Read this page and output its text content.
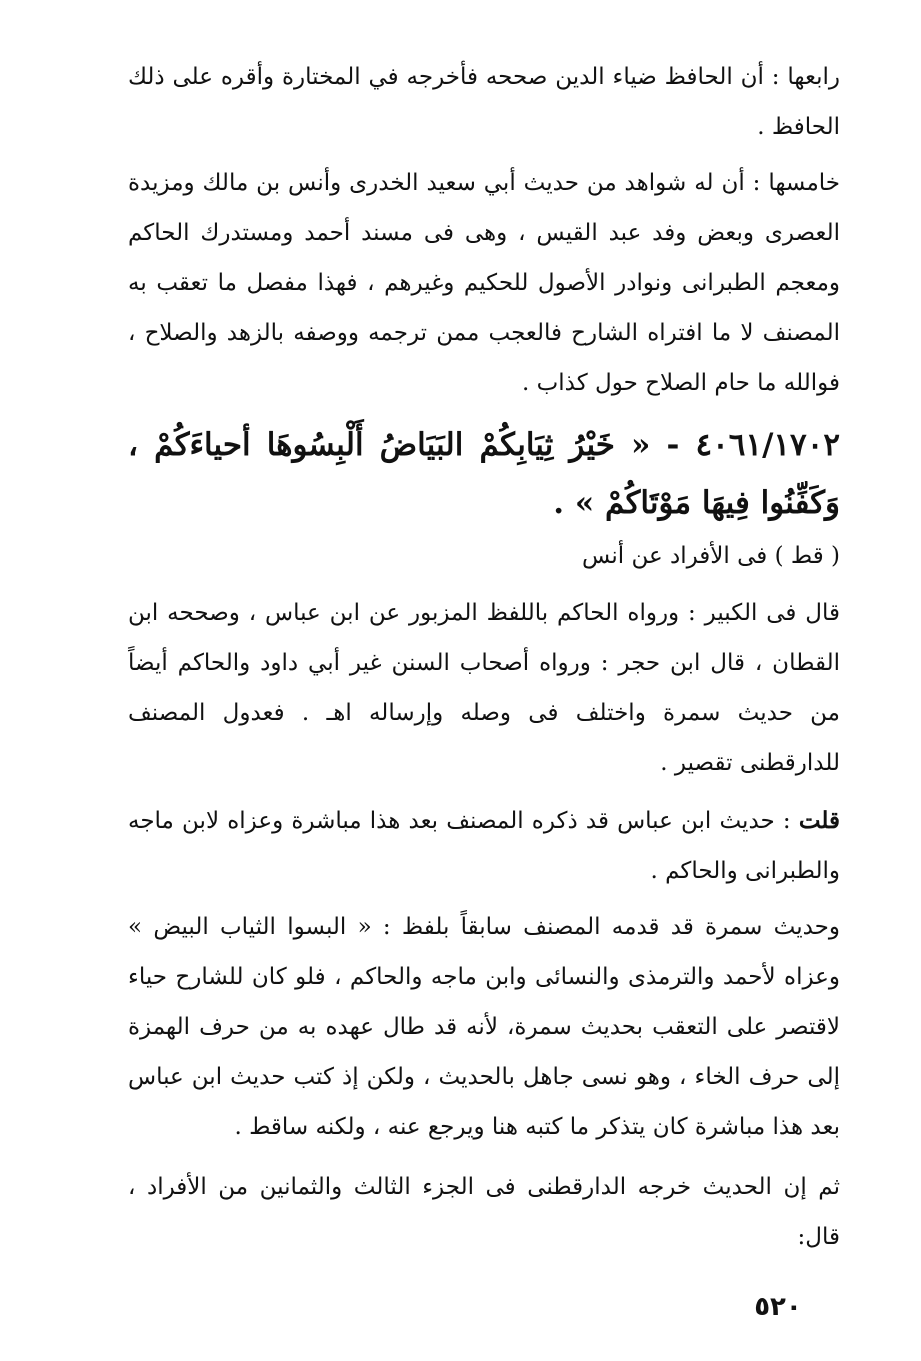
رابعها : أن الحافظ ضياء الدين صححه فأخرجه في المختارة وأقره على ذلك الحافظ .

خامسها : أن له شواهد من حديث أبي سعيد الخدرى وأنس بن مالك ومزيدة العصرى وبعض وفد عبد القيس ، وهى فى مسند أحمد ومستدرك الحاكم ومعجم الطبرانى ونوادر الأصول للحكيم وغيرهم ، فهذا مفصل ما تعقب به المصنف لا ما افتراه الشارح فالعجب ممن ترجمه ووصفه بالزهد والصلاح ، فوالله ما حام الصلاح حول كذاب .

٤٠٦١/١٧٠٢ - « خَيْرُ ثِيَابِكُمْ البَيَاضُ أَلْبِسُوهَا أحياءَكُمْ ، وَكَفِّنُوا فِيهَا مَوْتَاكُمْ » .

( قط ) فى الأفراد عن أنس

قال فى الكبير : ورواه الحاكم باللفظ المزبور عن ابن عباس ، وصححه ابن القطان ، قال ابن حجر : ورواه أصحاب السنن غير أبي داود والحاكم أيضاً من حديث سمرة واختلف فى وصله وإرساله اهـ . فعدول المصنف للدارقطنى تقصير .

قلت : حديث ابن عباس قد ذكره المصنف بعد هذا مباشرة وعزاه لابن ماجه والطبرانى والحاكم .

وحديث سمرة قد قدمه المصنف سابقاً بلفظ : « البسوا الثياب البيض » وعزاه لأحمد والترمذى والنسائى وابن ماجه والحاكم ، فلو كان للشارح حياء لاقتصر على التعقب بحديث سمرة، لأنه قد طال عهده به من حرف الهمزة إلى حرف الخاء ، وهو نسى جاهل بالحديث ، ولكن إذ كتب حديث ابن عباس بعد هذا مباشرة كان يتذكر ما كتبه هنا ويرجع عنه ، ولكنه ساقط .

ثم إن الحديث خرجه الدارقطنى فى الجزء الثالث والثمانين من الأفراد ، قال:

٥٢٠
